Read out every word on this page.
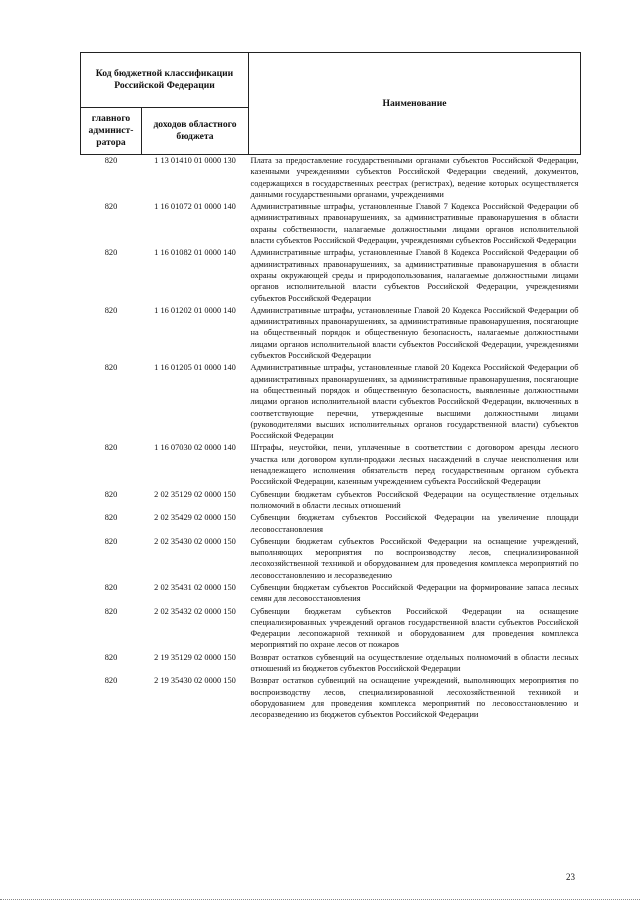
Код бюджетной классификации Российской Федерации		Наименование
главного админист-ратора	доходов областного бюджета	
820	1 13 01410 01 0000 130	Плата за предоставление государственными органами субъектов Российской Федерации, казенными учреждениями субъектов Российской Федерации сведений, документов, содержащихся в государственных реестрах (регистрах), ведение которых осуществляется данными государственными органами, учреждениями
820	1 16 01072 01 0000 140	Административные штрафы, установленные Главой 7 Кодекса Российской Федерации об административных правонарушениях, за административные правонарушения в области охраны собственности, налагаемые должностными лицами органов исполнительной власти субъектов Российской Федерации, учреждениями субъектов Российской Федерации
820	1 16 01082 01 0000 140	Административные штрафы, установленные Главой 8 Кодекса Российской Федерации об административных правонарушениях, за административные правонарушения в области охраны окружающей среды и природопользования, налагаемые должностными лицами органов исполнительной власти субъектов Российской Федерации, учреждениями субъектов Российской Федерации
820	1 16 01202 01 0000 140	Административные штрафы, установленные Главой 20 Кодекса Российской Федерации об административных правонарушениях, за административные правонарушения, посягающие на общественный порядок и общественную безопасность, налагаемые должностными лицами органов исполнительной власти субъектов Российской Федерации, учреждениями субъектов Российской Федерации
820	1 16 01205 01 0000 140	Административные штрафы, установленные главой 20 Кодекса Российской Федерации об административных правонарушениях, за административные правонарушения, посягающие на общественный порядок и общественную безопасность, выявленные должностными лицами органов исполнительной власти субъектов Российской Федерации, включенных в соответствующие перечни, утвержденные высшими должностными лицами (руководителями высших исполнительных органов государственной власти) субъектов Российской Федерации
820	1 16 07030 02 0000 140	Штрафы, неустойки, пени, уплаченные в соответствии с договором аренды лесного участка или договором купли-продажи лесных насаждений в случае неисполнения или ненадлежащего исполнения обязательств перед государственным органом субъекта Российской Федерации, казенным учреждением субъекта Российской Федерации
820	2 02 35129 02 0000 150	Субвенции бюджетам субъектов Российской Федерации на осуществление отдельных полномочий в области лесных отношений
820	2 02 35429 02 0000 150	Субвенции бюджетам субъектов Российской Федерации на увеличение площади лесовосстановления
820	2 02 35430 02 0000 150	Субвенции бюджетам субъектов Российской Федерации на оснащение учреждений, выполняющих мероприятия по воспроизводству лесов, специализированной лесохозяйственной техникой и оборудованием для проведения комплекса мероприятий по лесовосстановлению и лесоразведению
820	2 02 35431 02 0000 150	Субвенции бюджетам субъектов Российской Федерации на формирование запаса лесных семян для лесовосстановления
820	2 02 35432 02 0000 150	Субвенции бюджетам субъектов Российской Федерации на оснащение специализированных учреждений органов государственной власти субъектов Российской Федерации лесопожарной техникой и оборудованием для проведения комплекса мероприятий по охране лесов от пожаров
820	2 19 35129 02 0000 150	Возврат остатков субвенций на осуществление отдельных полномочий в области лесных отношений из бюджетов субъектов Российской Федерации
820	2 19 35430 02 0000 150	Возврат остатков субвенций на оснащение учреждений, выполняющих мероприятия по воспроизводству лесов, специализированной лесохозяйственной техникой и оборудованием для проведения комплекса мероприятий по лесовосстановлению и лесоразведению из бюджетов субъектов Российской Федерации
23
